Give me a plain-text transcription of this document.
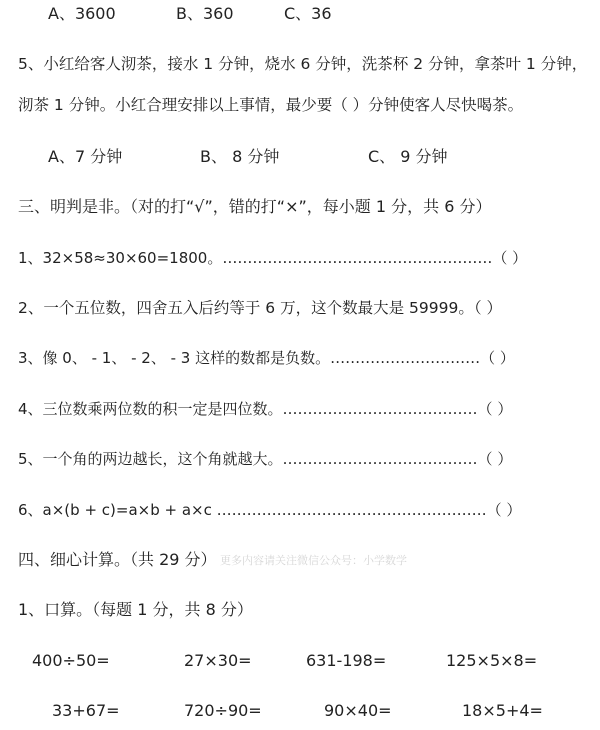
A、3600	B、360	C、36
5、小红给客人沏茶，接水 1 分钟，烧水 6 分钟，洗茶杯 2 分钟，拿茶叶 1 分钟，
沏茶 1 分钟。小红合理安排以上事情，最少要（ ）分钟使客人尽快喝茶。
A、7 分钟	B、 8 分钟	C、 9 分钟
三、明判是非。（对的打“√”，错的打“×”，每小题 1 分，共 6 分）
1、32×58≈30×60=1800。………………………………………………（ ）
2、一个五位数，四舍五入后约等于 6 万，这个数最大是 59999。（ ）
3、像 0、 - 1、 - 2、 - 3 这样的数都是负数。…………………………（ ）
4、三位数乘两位数的积一定是四位数。…………………………………（ ）
5、一个角的两边越长，这个角就越大。…………………………………（ ）
6、a×(b + c)=a×b + a×c ………………………………………………（ ）
四、细心计算。（共 29 分） 更多内容请关注微信公众号：小学数学
1、口算。（每题 1 分，共 8 分）
400÷50=	27×30=	631-198=	125×5×8=
33+67=	720÷90=	90×40=	18×5+4=
